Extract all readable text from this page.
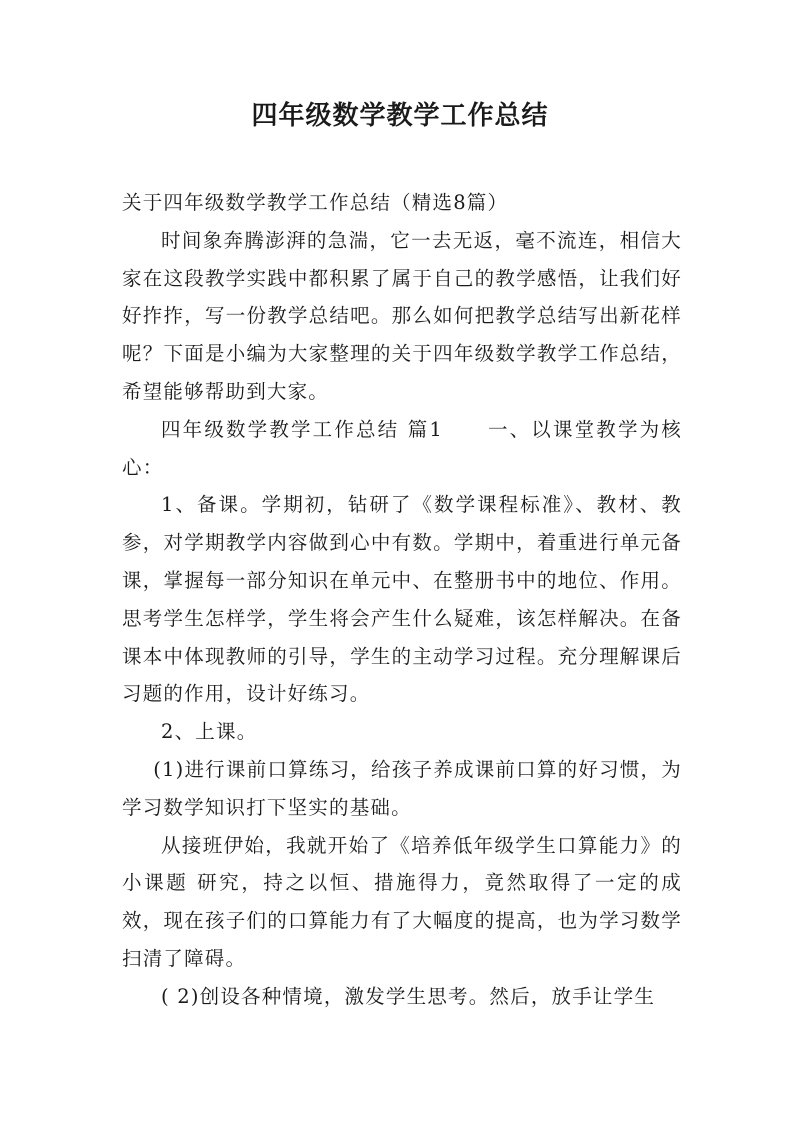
四年级数学教学工作总结

关于四年级数学教学工作总结（精选8篇）

时间象奔腾澎湃的急湍，它一去无返，毫不流连，相信大家在这段教学实践中都积累了属于自己的教学感悟，让我们好好拃拃，写一份教学总结吧。那么如何把教学总结写出新花样呢？下面是小编为大家整理的关于四年级数学教学工作总结，希望能够帮助到大家。

四年级数学教学工作总结 篇1 一、以课堂教学为核心：

1、备课。学期初，钻研了《数学课程标准》、教材、教参，对学期教学内容做到心中有数。学期中，着重进行单元备课，掌握每一部分知识在单元中、在整册书中的地位、作用。思考学生怎样学，学生将会产生什么疑难，该怎样解决。在备课本中体现教师的引导，学生的主动学习过程。充分理解课后习题的作用，设计好练习。

2、上课。

(1)进行课前口算练习，给孩子养成课前口算的好习惯，为学习数学知识打下坚实的基础。

从接班伊始，我就开始了《培养低年级学生口算能力》的小课题 研究，持之以恒、措施得力，竟然取得了一定的成效，现在孩子们的口算能力有了大幅度的提高，也为学习数学扫清了障碍。

( 2)创设各种情境，激发学生思考。然后，放手让学生
